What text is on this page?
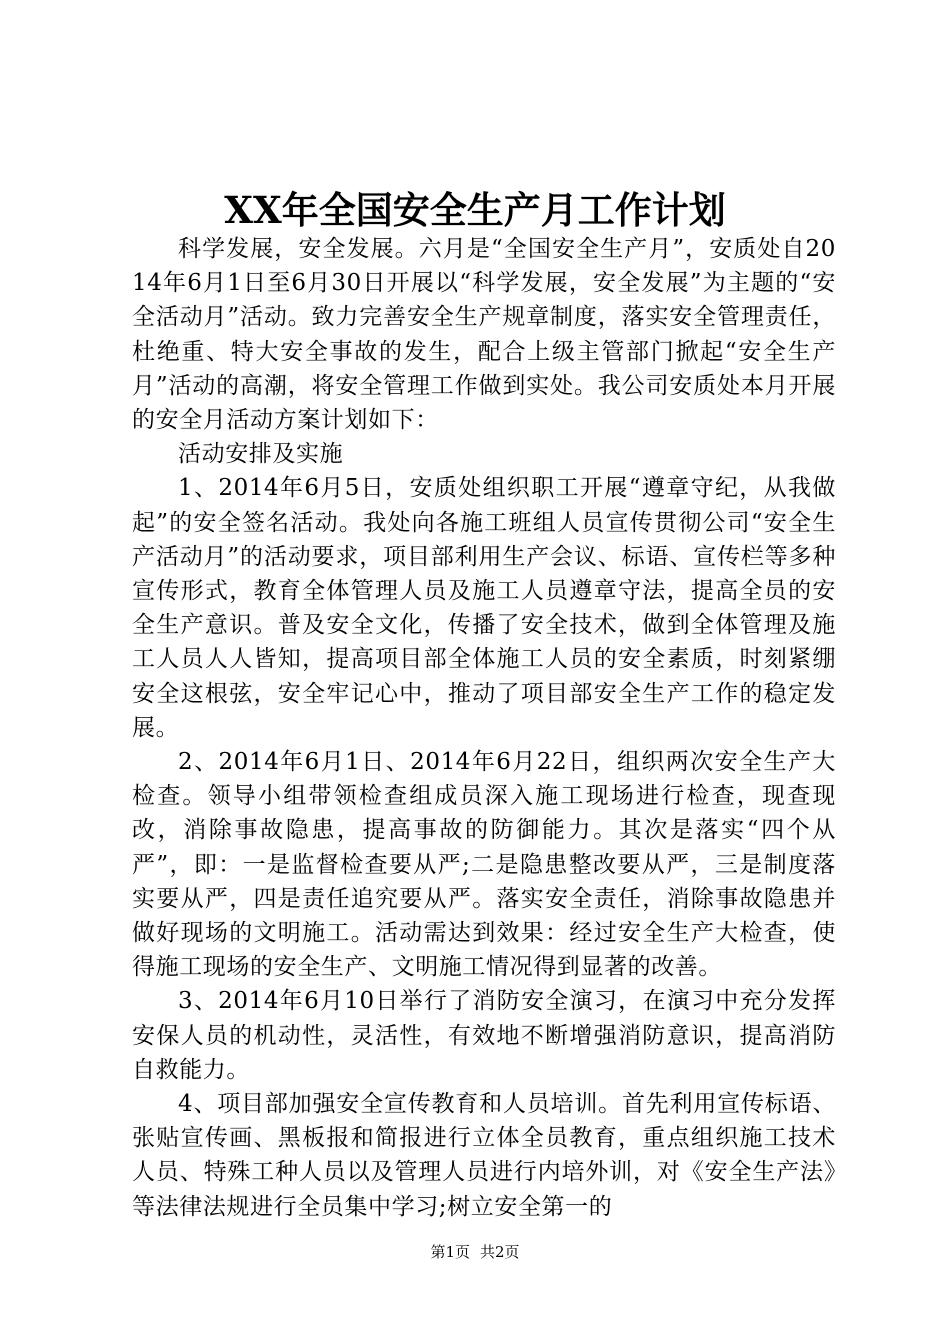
XX年全国安全生产月工作计划

科学发展，安全发展。六月是“全国安全生产月”，安质处自2014年6月1日至6月30日开展以“科学发展，安全发展”为主题的“安全活动月”活动。致力完善安全生产规章制度，落实安全管理责任，杜绝重、特大安全事故的发生，配合上级主管部门掀起“安全生产月”活动的高潮，将安全管理工作做到实处。我公司安质处本月开展的安全月活动方案计划如下：

活动安排及实施

1、2014年6月5日，安质处组织职工开展“遵章守纪，从我做起”的安全签名活动。我处向各施工班组人员宣传贯彻公司“安全生产活动月”的活动要求，项目部利用生产会议、标语、宣传栏等多种宣传形式，教育全体管理人员及施工人员遵章守法，提高全员的安全生产意识。普及安全文化，传播了安全技术，做到全体管理及施工人员人人皆知，提高项目部全体施工人员的安全素质，时刻紧绷安全这根弦，安全牢记心中，推动了项目部安全生产工作的稳定发展。

2、2014年6月1日、2014年6月22日，组织两次安全生产大检查。领导小组带领检查组成员深入施工现场进行检查，现查现改，消除事故隐患，提高事故的防御能力。其次是落实“四个从严”，即：一是监督检查要从严;二是隐患整改要从严，三是制度落实要从严，四是责任追究要从严。落实安全责任，消除事故隐患并做好现场的文明施工。活动需达到效果：经过安全生产大检查，使得施工现场的安全生产、文明施工情况得到显著的改善。

3、2014年6月10日举行了消防安全演习，在演习中充分发挥安保人员的机动性，灵活性，有效地不断增强消防意识，提高消防自救能力。

4、项目部加强安全宣传教育和人员培训。首先利用宣传标语、张贴宣传画、黑板报和简报进行立体全员教育，重点组织施工技术人员、特殊工种人员以及管理人员进行内培外训，对《安全生产法》等法律法规进行全员集中学习;树立安全第一的

第1页 共2页
